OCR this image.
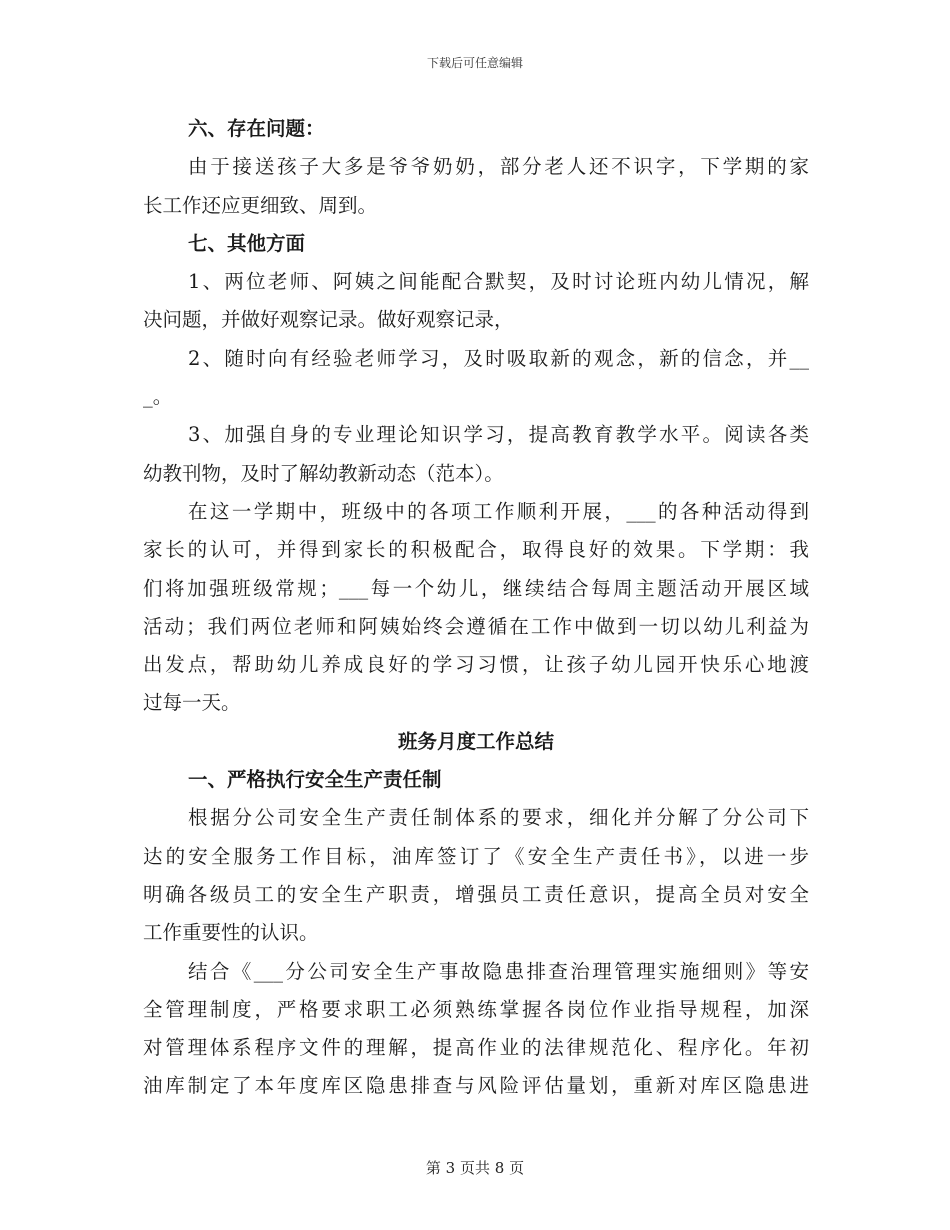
下载后可任意编辑
六、存在问题：
由于接送孩子大多是爷爷奶奶，部分老人还不识字，下学期的家
长工作还应更细致、周到。
七、其他方面
1、两位老师、阿姨之间能配合默契，及时讨论班内幼儿情况，解
决问题，并做好观察记录。做好观察记录，
2、随时向有经验老师学习，及时吸取新的观念，新的信念，并__
_。
3、加强自身的专业理论知识学习，提高教育教学水平。阅读各类
幼教刊物，及时了解幼教新动态（范本）。
在这一学期中，班级中的各项工作顺利开展，___的各种活动得到
家长的认可，并得到家长的积极配合，取得良好的效果。下学期：我
们将加强班级常规；___每一个幼儿，继续结合每周主题活动开展区域
活动；我们两位老师和阿姨始终会遵循在工作中做到一切以幼儿利益为
出发点，帮助幼儿养成良好的学习习惯，让孩子幼儿园开快乐心地渡
过每一天。
班务月度工作总结
一、严格执行安全生产责任制
根据分公司安全生产责任制体系的要求，细化并分解了分公司下
达的安全服务工作目标，油库签订了《安全生产责任书》，以进一步
明确各级员工的安全生产职责，增强员工责任意识，提高全员对安全
工作重要性的认识。
结合《___分公司安全生产事故隐患排查治理管理实施细则》等安
全管理制度，严格要求职工必须熟练掌握各岗位作业指导规程，加深
对管理体系程序文件的理解，提高作业的法律规范化、程序化。年初
油库制定了本年度库区隐患排查与风险评估量划，重新对库区隐患进
第 3 页共 8 页
